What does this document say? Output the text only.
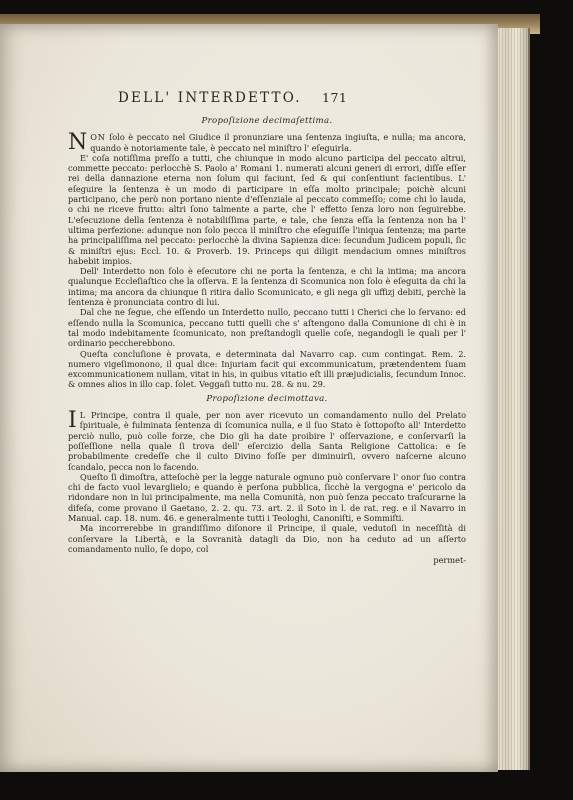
DELL' INTERDETTO.	171
Propoſizione decimaſettima.

NON ſolo è peccato nel Giudice il pronunziare una ſentenza ingiuſta, e nulla; ma ancora, quando è notoriamente tale, è peccato nel miniſtro l' eſeguirla.

E' coſa notiſſima preſſo a tutti, che chiunque in modo alcuno participa del peccato altrui, commette peccato: perlocchè S. Paolo a' Romani 1. numerati alcuni generi di errori, diſſe eſſer rei della dannazione eterna non ſolum qui faciunt, ſed & qui conſentiunt facientibus. L' eſeguire la ſentenza è un modo di participare in eſſa molto principale; poichè alcuni participano, che però non portano niente d'eſſenziale al peccato commeſſo; come chi lo lauda, o chi ne riceve frutto: altri ſono talmente a parte, che l' effetto ſenza loro non ſeguirebbe. L'eſecuzione della ſentenza è notabiliſſima parte, e tale, che ſenza eſſa la ſentenza non ha l' ultima perfezione: adunque non ſolo pecca il miniſtro che eſeguiſſe l'iniqua ſentenza; ma parte ha principaliſſima nel peccato: perlocchè la divina Sapienza dice: ſecundum Judicem populi, ſic & miniſtri ejus: Eccl. 10. & Proverb. 19. Princeps qui diligit mendacium omnes miniſtros habebit impios.

Dell' Interdetto non ſolo è eſecutore chi ne porta la ſentenza, e chi la intima; ma ancora qualunque Eccleſiaſtico che la oſſerva. E la ſentenza di Scomunica non ſolo è eſeguita da chi la intima; ma ancora da chiunque ſi ritira dallo Scomunicato, e gli nega gli uffizj debiti, perchè la ſentenza è pronunciata contro di lui.

Dal che ne ſegue, che eſſendo un Interdetto nullo, peccano tutti i Cherici che lo ſervano: ed eſſendo nulla la Scomunica, peccano tutti quelli che s' aſtengono dalla Comunione di chi è in tal modo indebitamente ſcomunicato, non preſtandogli quelle coſe, negandogli le quali per l' ordinario peccherebbono.

Queſta concluſione è provata, e determinata dal Navarro cap. cum contingat. Rem. 2. numero vigeſimonono, il qual dice: Injuriam facit qui excommunicatum, prætendentem ſuam excommunicationem nullam, vitat in his, in quibus vitatio eſt illi præjudicialis, ſecundum Innoc. & omnes alios in illo cap. ſolet. Veggaſi tutto nu. 28. & nu. 29.

Propoſizione decimottava.

I L Principe, contra il quale, per non aver ricevuto un comandamento nullo del Prelato ſpirituale, è fulminata ſentenza di ſcomunica nulla, e il ſuo Stato è ſottopoſto all' Interdetto perciò nullo, può colle forze, che Dio gli ha date proibire l' oſſervazione, e conſervarſi la poſſeſſione nella quale ſi trova dell' eſercizio della Santa Religione Cattolica: e ſe probabilmente credeſſe che il culto Divino foſſe per diminuirſi, ovvero naſcerne alcuno ſcandalo, pecca non lo facendo.

Queſto ſi dimoſtra, atteſochè per la legge naturale ognuno può conſervare l' onor ſuo contra chi de facto vuol levarglielo; e quando è perſona pubblica, ſicchè la vergogna e' pericolo da ridondare non in lui principalmente, ma nella Comunità, non può ſenza peccato traſcurarne la difeſa, come provano il Gaetano, 2. 2. qu. 73. art. 2. il Soto in l. de rat. reg. e il Navarro in Manual. cap. 18. num. 46. e generalmente tutti i Teologhi, Canoniſti, e Sommiſti.

Ma incorrerebbe in grandiſſimo diſonore il Principe, il quale, vedutoſi in neceſſità di conſervare la Libertà, e la Sovranità datagli da Dio, non ha ceduto ad un aſſerto comandamento nullo, ſe dopo, col

permet-
